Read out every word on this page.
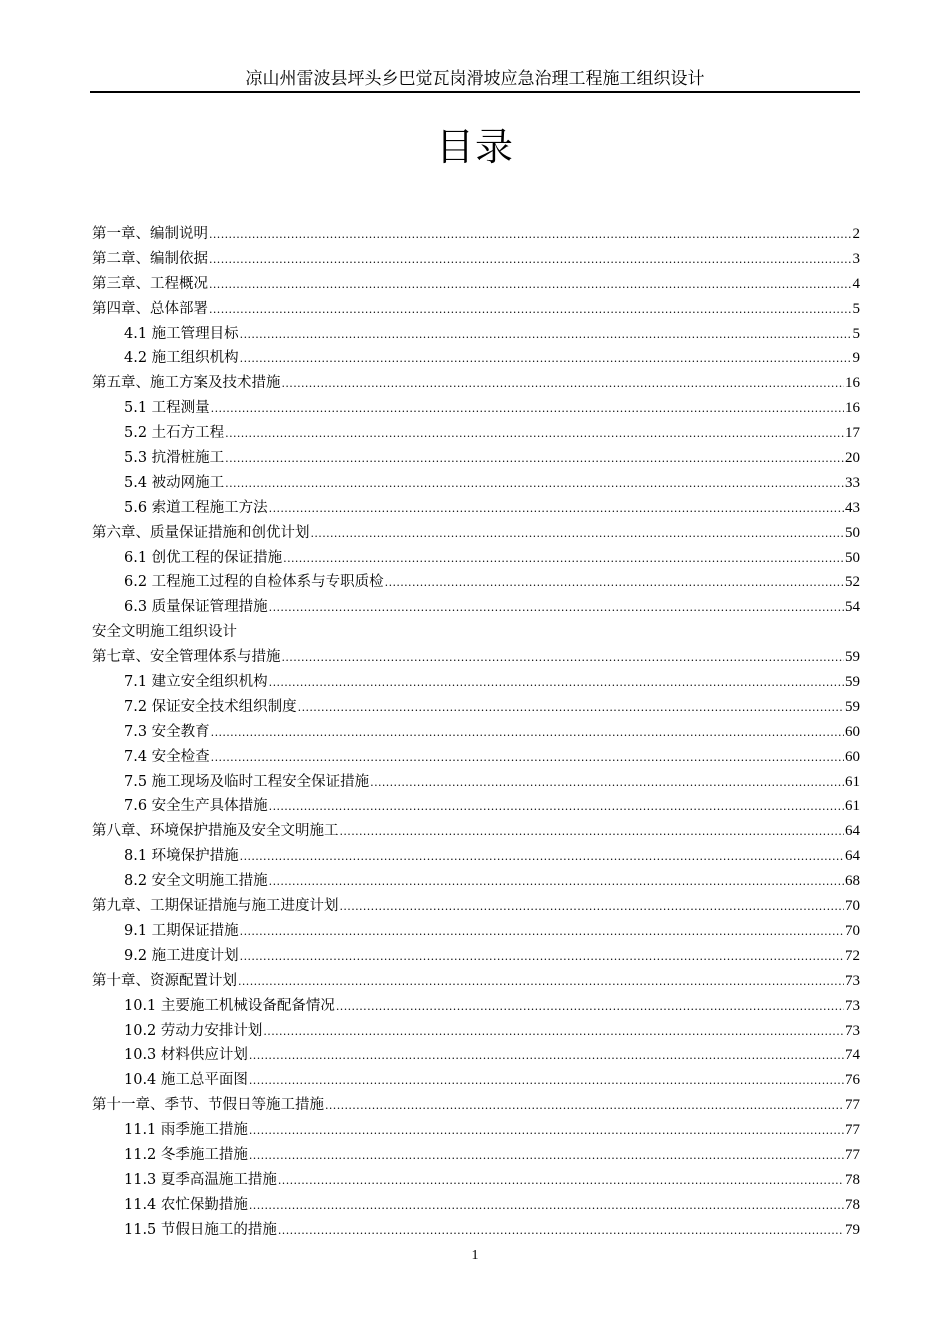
凉山州雷波县坪头乡巴觉瓦岗滑坡应急治理工程施工组织设计
目录
第一章、编制说明 .....	2
第二章、编制依据 .....	3
第三章、工程概况 .....	4
第四章、总体部署 .....	5
4.1 施工管理目标 .....	5
4.2 施工组织机构 .....	9
第五章、施工方案及技术措施 .....	16
5.1 工程测量 .....	16
5.2 土石方工程 .....	17
5.3 抗滑桩施工 .....	20
5.4 被动网施工 .....	33
5.6 索道工程施工方法 .....	43
第六章、质量保证措施和创优计划 .....	50
6.1 创优工程的保证措施 .....	50
6.2 工程施工过程的自检体系与专职质检 .....	52
6.3 质量保证管理措施 .....	54
安全文明施工组织设计
第七章、安全管理体系与措施 .....	59
7.1 建立安全组织机构 .....	59
7.2 保证安全技术组织制度 .....	59
7.3 安全教育 .....	60
7.4 安全检查 .....	60
7.5 施工现场及临时工程安全保证措施 .....	61
7.6 安全生产具体措施 .....	61
第八章、环境保护措施及安全文明施工 .....	64
8.1 环境保护措施 .....	64
8.2 安全文明施工措施 .....	68
第九章、工期保证措施与施工进度计划 .....	70
9.1 工期保证措施 .....	70
9.2 施工进度计划 .....	72
第十章、资源配置计划 .....	73
10.1 主要施工机械设备配备情况 .....	73
10.2 劳动力安排计划 .....	73
10.3 材料供应计划 .....	74
10.4 施工总平面图 .....	76
第十一章、季节、节假日等施工措施 .....	77
11.1 雨季施工措施 .....	77
11.2 冬季施工措施 .....	77
11.3 夏季高温施工措施 .....	78
11.4 农忙保勤措施 .....	78
11.5 节假日施工的措施 .....	79
1
